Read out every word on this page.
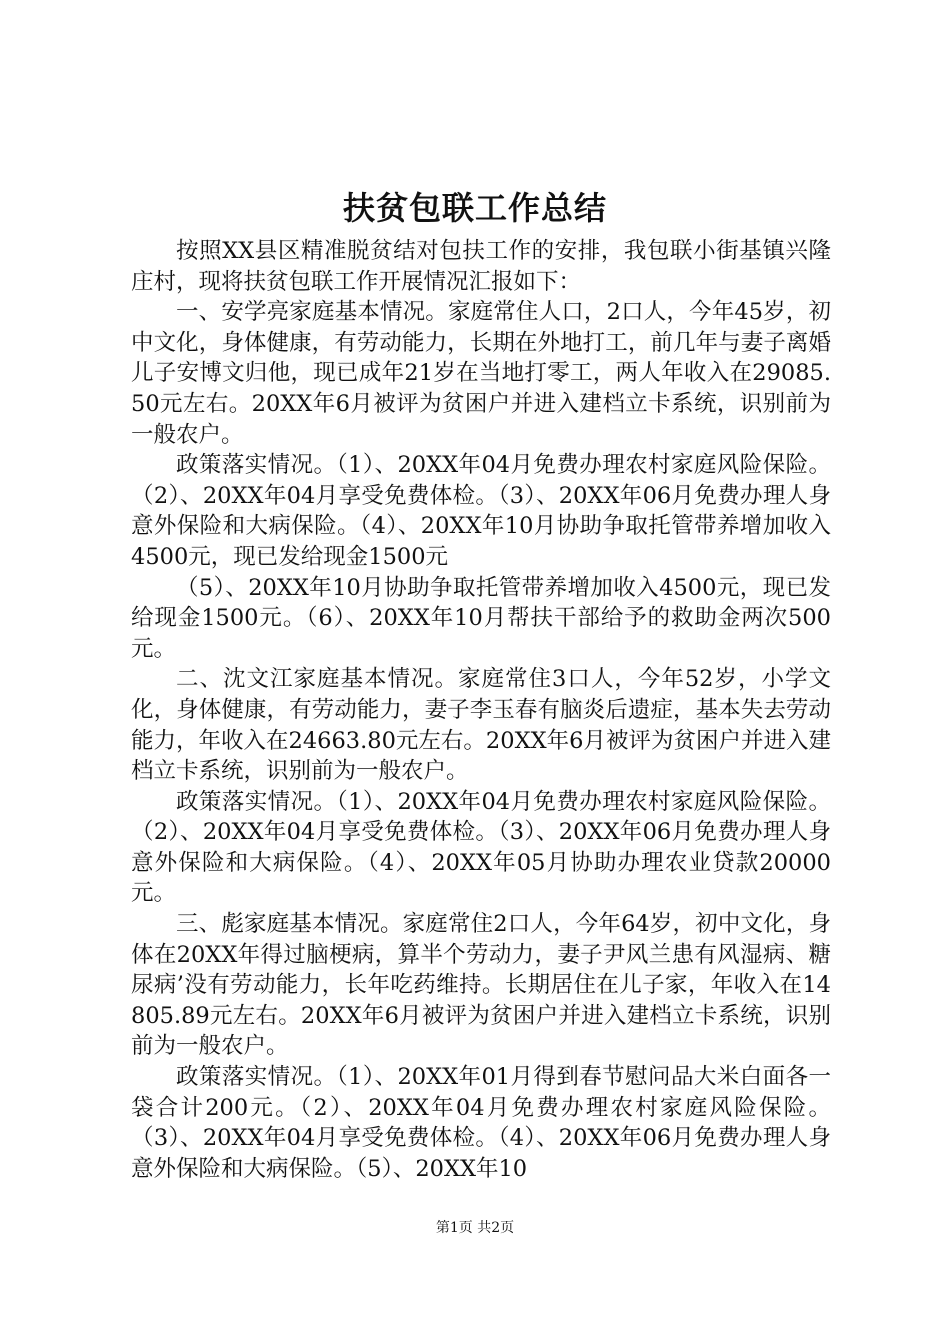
扶贫包联工作总结

按照XX县区精准脱贫结对包扶工作的安排，我包联小街基镇兴隆庄村，现将扶贫包联工作开展情况汇报如下：

一、安学亮家庭基本情况。家庭常住人口，2口人，今年45岁，初中文化，身体健康，有劳动能力，长期在外地打工，前几年与妻子离婚儿子安博文归他，现已成年21岁在当地打零工，两人年收入在29085.50元左右。20XX年6月被评为贫困户并进入建档立卡系统，识别前为一般农户。

政策落实情况。（1）、20XX年04月免费办理农村家庭风险保险。（2）、20XX年04月享受免费体检。（3）、20XX年06月免费办理人身意外保险和大病保险。（4）、20XX年10月协助争取托管带养增加收入4500元，现已发给现金1500元

（5）、20XX年10月协助争取托管带养增加收入4500元，现已发给现金1500元。（6）、20XX年10月帮扶干部给予的救助金两次500元。

二、沈文江家庭基本情况。家庭常住3口人，今年52岁，小学文化，身体健康，有劳动能力，妻子李玉春有脑炎后遗症，基本失去劳动能力，年收入在24663.80元左右。20XX年6月被评为贫困户并进入建档立卡系统，识别前为一般农户。

政策落实情况。（1）、20XX年04月免费办理农村家庭风险保险。（2）、20XX年04月享受免费体检。（3）、20XX年06月免费办理人身意外保险和大病保险。（4）、20XX年05月协助办理农业贷款20000元。

三、彪家庭基本情况。家庭常住2口人，今年64岁，初中文化，身体在20XX年得过脑梗病，算半个劳动力，妻子尹风兰患有风湿病、糖尿病’没有劳动能力，长年吃药维持。长期居住在儿子家，年收入在14805.89元左右。20XX年6月被评为贫困户并进入建档立卡系统，识别前为一般农户。

政策落实情况。（1）、20XX年01月得到春节慰问品大米白面各一袋合计200元。（2）、20XX年04月免费办理农村家庭风险保险。（3）、20XX年04月享受免费体检。（4）、20XX年06月免费办理人身意外保险和大病保险。（5）、20XX年10

第1页 共2页
